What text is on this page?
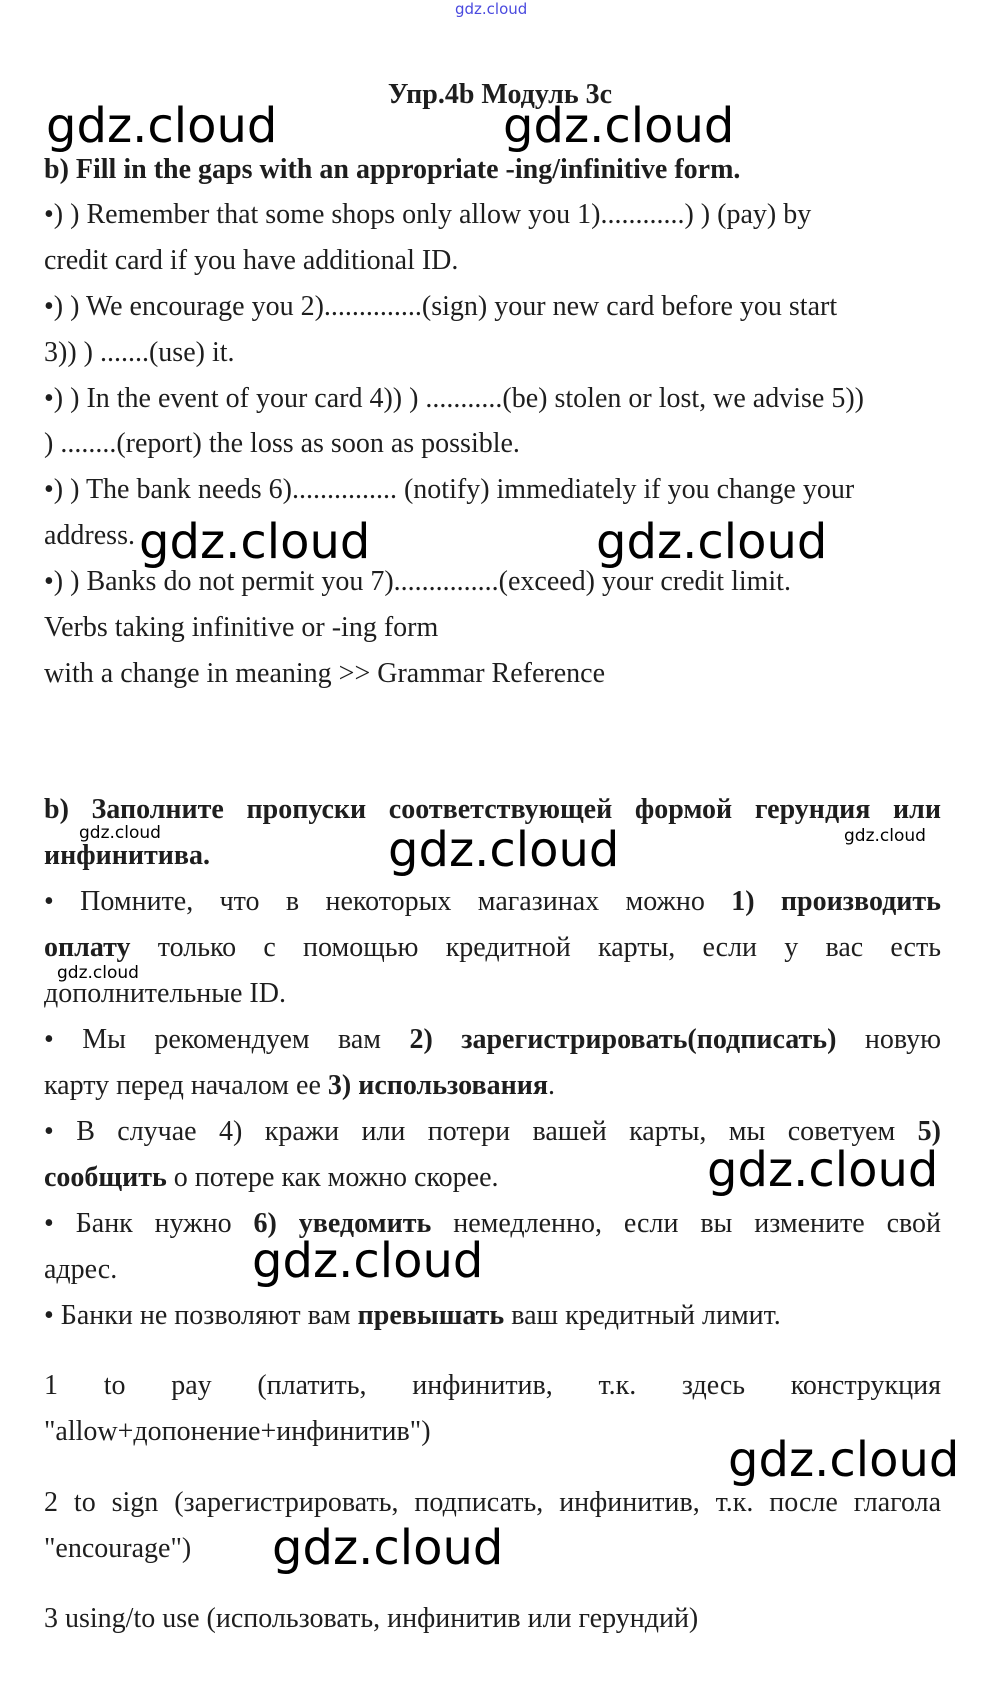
gdz.cloud
gdz.cloud	gdz.cloud
gdz.cloud	gdz.cloud
gdz.cloud	gdz.cloud
gdz.cloud
gdz.cloud
gdz.cloud
gdz.cloud
gdz.cloud
gdz.cloud
Упр.4b Модуль 3c
b) Fill in the gaps with an appropriate -ing/infinitive form.
•) ) Remember that some shops only allow you 1)............) ) (pay) by
credit card if you have additional ID.
•) ) We encourage you 2)..............(sign) your new card before you start
3)) ) .......(use) it.
•) ) In the event of your card 4)) ) ...........(be) stolen or lost, we advise 5))
) ........(report) the loss as soon as possible.
•) ) The bank needs 6)............... (notify) immediately if you change your
address.
•) ) Banks do not permit you 7)...............(exceed) your credit limit.
Verbs taking infinitive or -ing form
with a change in meaning >> Grammar Reference
b) Заполните пропуски соответствующей формой герундия или
инфинитива.
• Помните, что в некоторых магазинах можно 1) производить
оплату только с помощью кредитной карты, если у вас есть
дополнительные ID.
• Мы рекомендуем вам 2) зарегистрировать(подписать) новую
карту перед началом ее 3) использования.
• В случае 4) кражи или потери вашей карты, мы советуем 5)
сообщить о потере как можно скорее.
• Банк нужно 6) уведомить немедленно, если вы измените свой
адрес.
• Банки не позволяют вам превышать ваш кредитный лимит.
1 to pay (платить, инфинитив, т.к. здесь конструкция
"allow+допонение+инфинитив")
2 to sign (зарегистрировать, подписать, инфинитив, т.к. после глагола
"encourage")
3 using/to use (использовать, инфинитив или герундий)
